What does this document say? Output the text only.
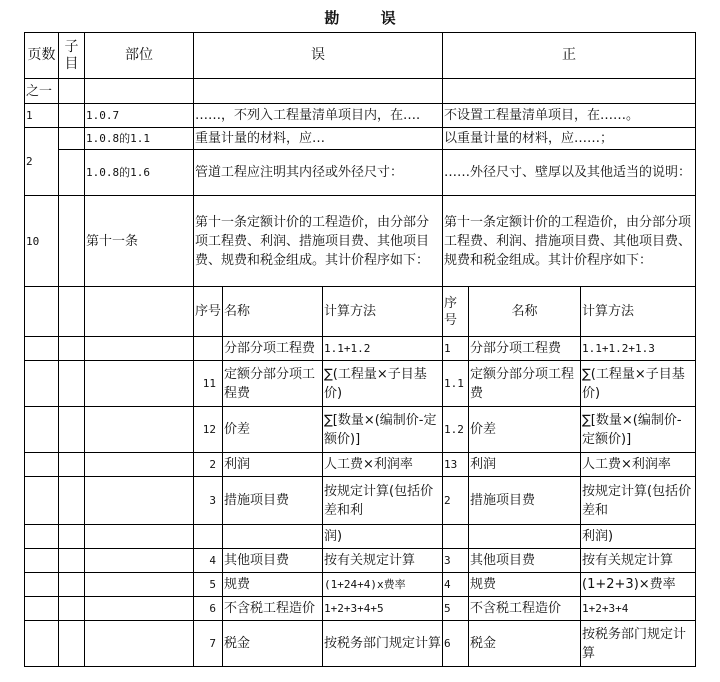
勘 误
页数	子目	部位	误			正		
之一								
1		1.0.7	……，不列入工程量清单项目内，在….			不设置工程量清单项目，在……。		
2		1.0.8的1.1	重量计量的材料，应…			以重量计量的材料，应……；		
		1.0.8的1.6	管道工程应注明其内径或外径尺寸：			……外径尺寸、壁厚以及其他适当的说明：		
10		第十一条	第十一条定额计价的工程造价，由分部分项工程费、利润、措施项目费、其他项目费、规费和税金组成。其计价程序如下：			第十一条定额计价的工程造价，由分部分项工程费、利润、措施项目费、其他项目费、规费和税金组成。其计价程序如下：		
			序号	名称	计算方法	序号	名称	计算方法
				分部分项工程费	1.1+1.2	1	分部分项工程费	1.1+1.2+1.3
			11	定额分部分项工程费	∑(工程量×子目基价)	1.1	定额分部分项工程费	∑(工程量×子目基价)
			12	价差	∑[数量×(编制价-定额价)]	1.2	价差	∑[数量×(编制价-定额价)]
			2	利润	人工费×利润率	13	利润	人工费×利润率
			3	措施项目费	按规定计算(包括价差和利	2	措施项目费	按规定计算(包括价差和
					润)			利润)
			4	其他项目费	按有关规定计算	3	其他项目费	按有关规定计算
			5	规费	(1+24+4)x费率	4	规费	(1+2+3)×费率
			6	不含税工程造价	1+2+3+4+5	5	不含税工程造价	1+2+3+4
			7	税金	按税务部门规定计算	6	税金	按税务部门规定计算
